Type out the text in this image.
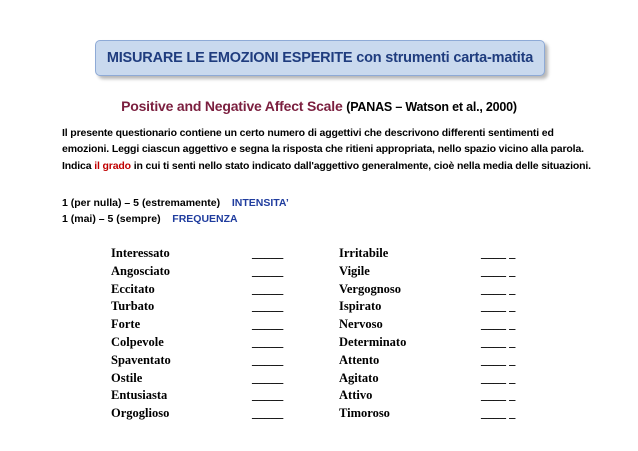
MISURARE LE EMOZIONI ESPERITE con strumenti carta-matita
Positive and Negative Affect Scale (PANAS – Watson et al., 2000)
Il presente questionario contiene un certo numero di aggettivi che descrivono differenti sentimenti ed emozioni. Leggi ciascun aggettivo e segna la risposta che ritieni appropriata, nello spazio vicino alla parola. Indica il grado in cui ti senti nello stato indicato dall'aggettivo generalmente, cioè nella media delle situazioni.
1 (per nulla) – 5 (estremamente) INTENSITA’
1 (mai) – 5 (sempre) FREQUENZA
Interessato	_____	Irritabile	____ _
Angosciato	_____	Vigile	____ _
Eccitato	_____	Vergognoso	____ _
Turbato	_____	Ispirato	____ _
Forte	_____	Nervoso	____ _
Colpevole	_____	Determinato	____ _
Spaventato	_____	Attento	____ _
Ostile	_____	Agitato	____ _
Entusiasta	_____	Attivo	____ _
Orgoglioso	_____	Timoroso	____ _
